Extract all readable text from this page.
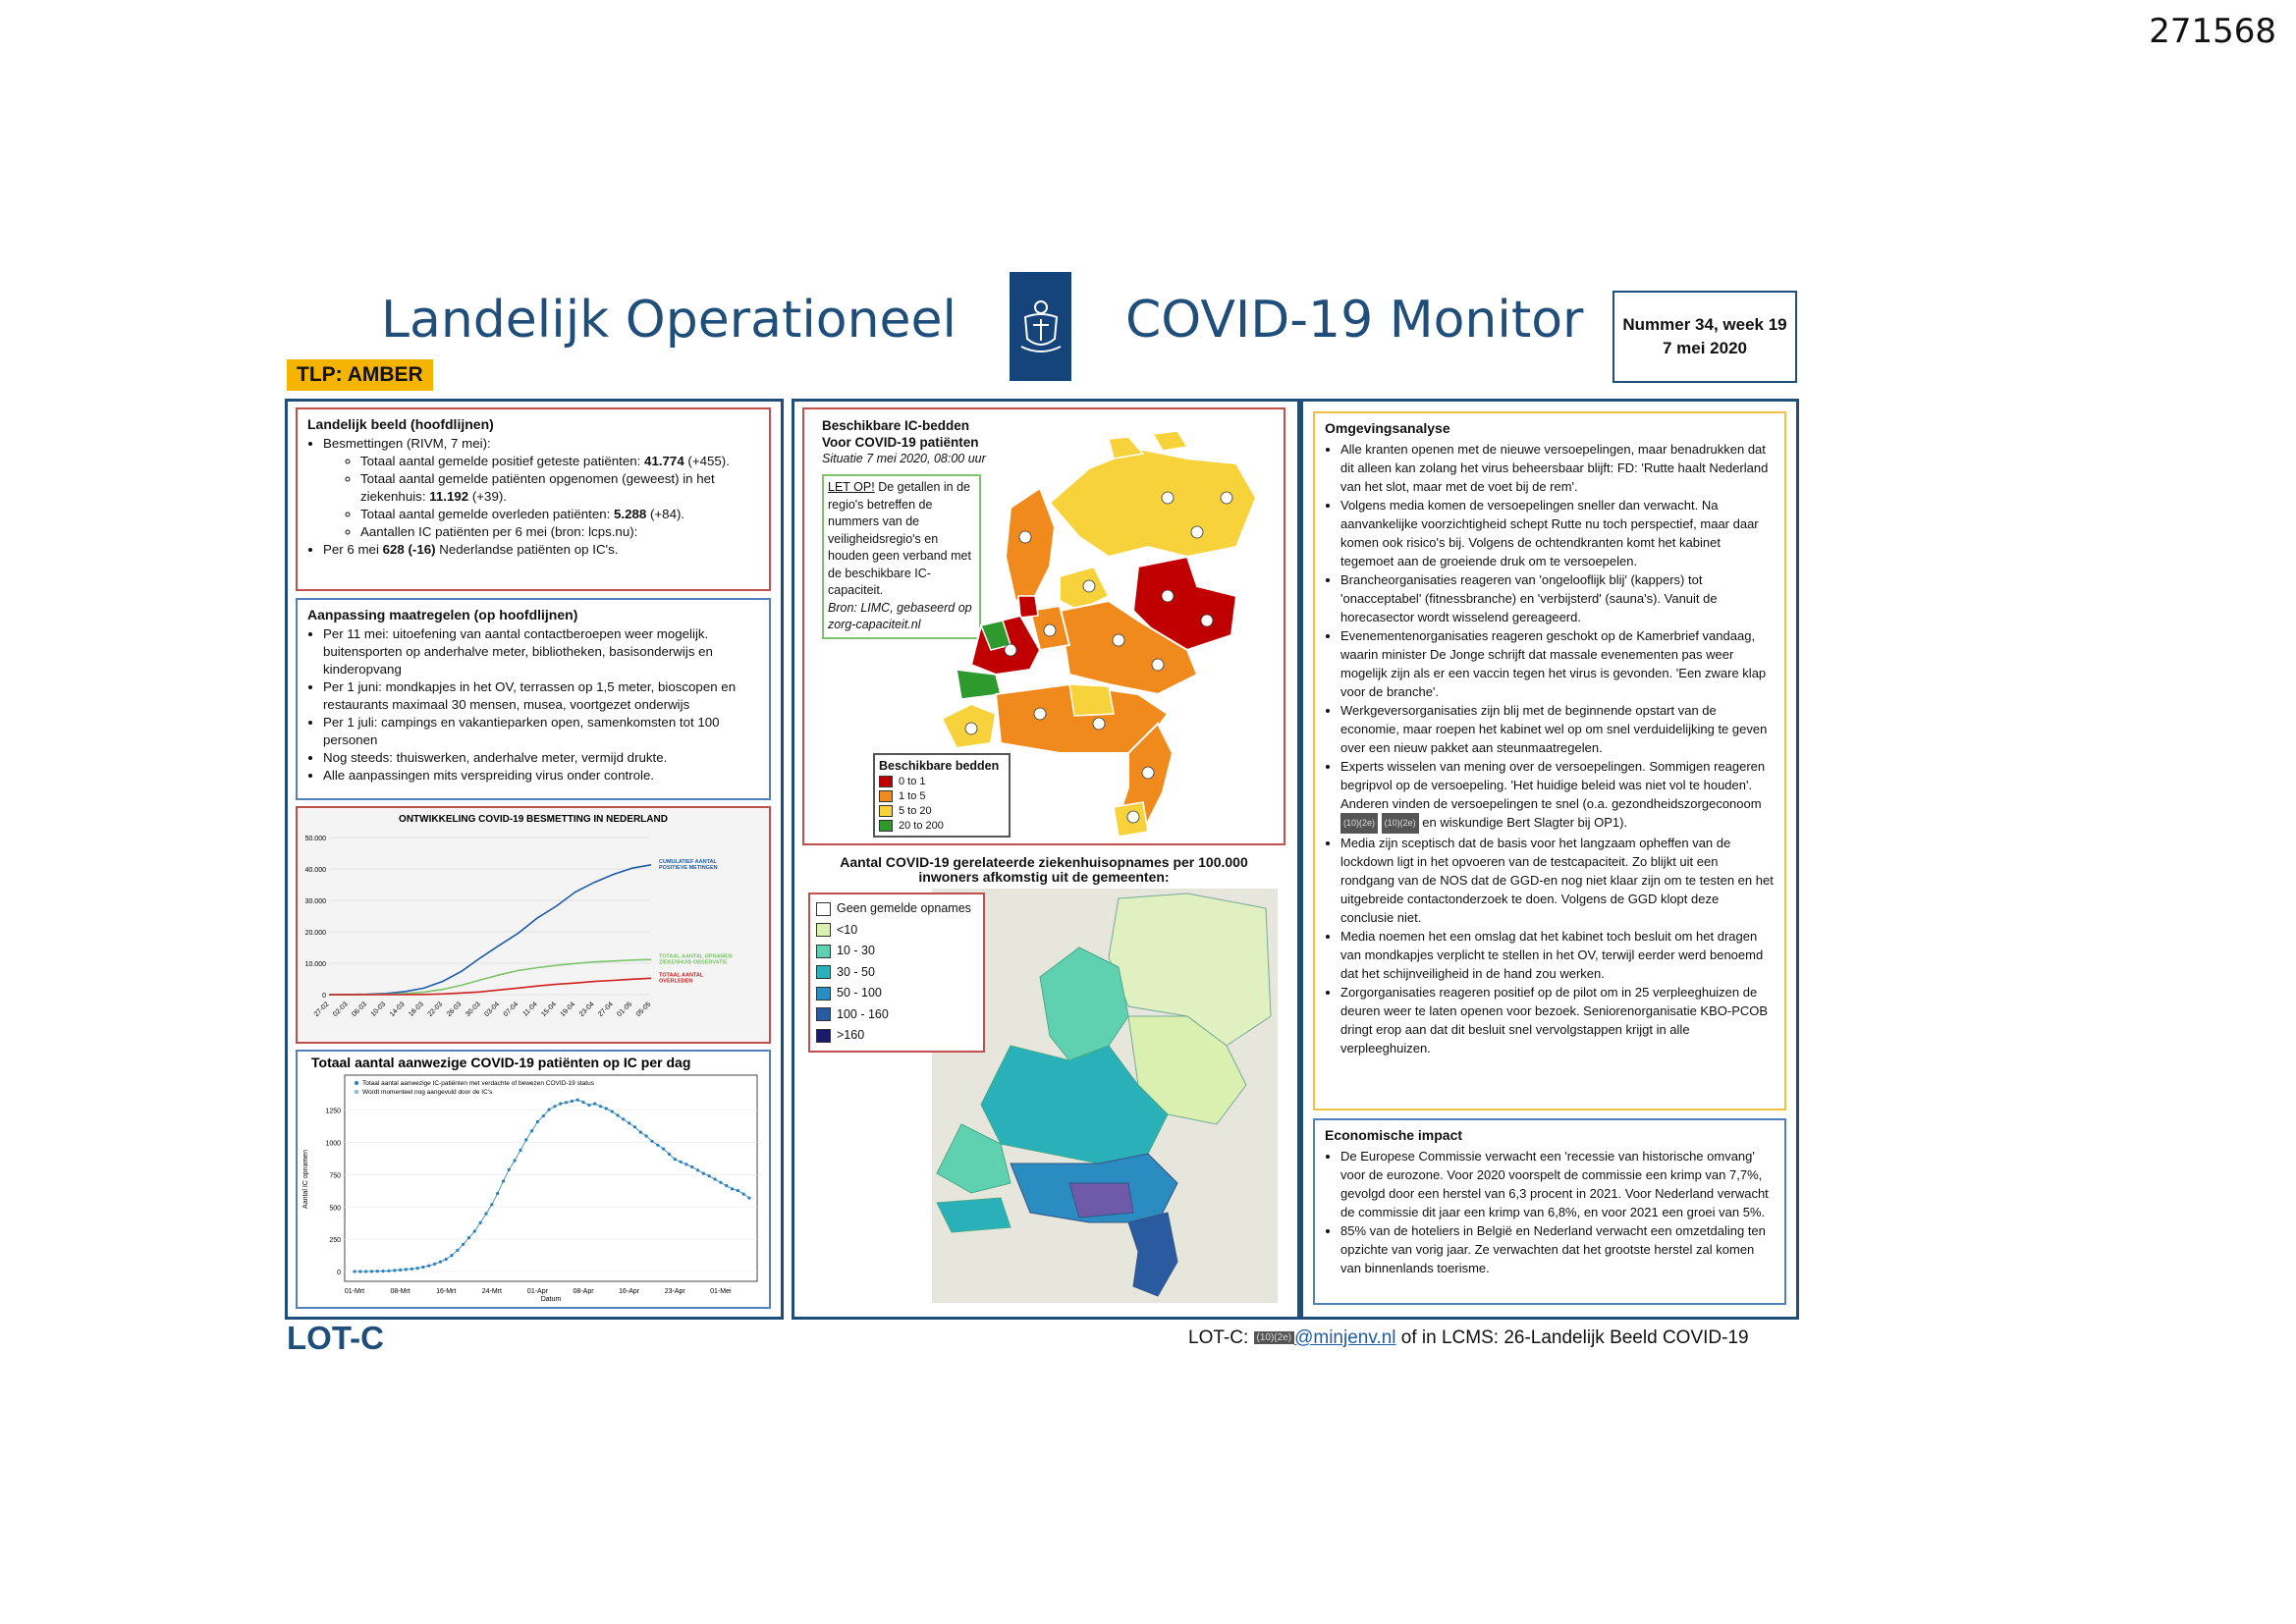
271568
Landelijk Operationeel	COVID-19 Monitor Nummer 34, week 19
7 mei 2020
TLP: AMBER
Landelijk beeld (hoofdlijnen)
• Besmettingen (RIVM, 7 mei):
◦ Totaal aantal gemelde positief geteste patiënten: 41.774 (+455).
◦ Totaal aantal gemelde patiënten opgenomen (geweest) in het ziekenhuis: 11.192 (+39).
◦ Totaal aantal gemelde overleden patiënten: 5.288 (+84).
◦ Aantallen IC patiënten per 6 mei (bron: lcps.nu):
• Per 6 mei 628 (-16) Nederlandse patiënten op IC's.
Aanpassing maatregelen (op hoofdlijnen)
• Per 11 mei: uitoefening van aantal contactberoepen weer mogelijk. buitensporten op anderhalve meter, bibliotheken, basisonderwijs en kinderopvang
• Per 1 juni: mondkapjes in het OV, terrassen op 1,5 meter, bioscopen en restaurants maximaal 30 mensen, musea, voortgezet onderwijs
• Per 1 juli: campings en vakantieparken open, samenkomsten tot 100 personen
• Nog steeds: thuiswerken, anderhalve meter, vermijd drukte.
• Alle aanpassingen mits verspreiding virus onder controle.
ONTWIKKELING COVID-19 BESMETTING IN NEDERLAND
0
10.000
20.000
30.000
40.000
50.000
27-02 02-03 06-03 10-03 14-03 18-03 22-03 26-03 30-03 03-04 07-04 11-04 15-04 19-04 23-04 27-04 01-05 05-05
CUMULATIEF AANTAL POSITIEVE METINGEN
TOTAAL AANTAL OPNAMEN ZIEKENHUIS OBSERVATIE
TOTAAL AANTAL OVERLEDEN
Totaal aantal aanwezige COVID-19 patiënten op IC per dag
0
250
500
750
1000
1250
01-Mrt	08-Mrt	16-Mrt	24-Mrt	01-Apr	08-Apr	16-Apr	23-Apr	01-Mei
Aantal IC opnamen
Datum
Totaal aantal aanwezige IC-patiënten met verdachte of bewezen COVID-19 status
Wordt momenteel nog aangevuld door de IC's
Beschikbare IC-bedden
Voor COVID-19 patiënten
Situatie 7 mei 2020, 08:00 uur
LET OP! De getallen in de regio's betreffen de nummers van de veiligheidsregio's en houden geen verband met de beschikbare IC- capaciteit.
Bron: LIMC, gebaseerd op zorg-capaciteit.nl
Beschikbare bedden
0 to 1
1 to 5
5 to 20
20 to 200
Aantal COVID-19 gerelateerde ziekenhuisopnames per 100.000
inwoners afkomstig uit de gemeenten:
Geen gemelde opnames
<10
10 - 30
30 - 50
50 - 100
100 - 160
>160
Omgevingsanalyse
• Alle kranten openen met de nieuwe versoepelingen, maar benadrukken dat dit alleen kan zolang het virus beheersbaar blijft: FD: 'Rutte haalt Nederland van het slot, maar met de voet bij de rem'.
• Volgens media komen de versoepelingen sneller dan verwacht. Na aanvankelijke voorzichtigheid schept Rutte nu toch perspectief, maar daar komen ook risico's bij. Volgens de ochtendkranten komt het kabinet tegemoet aan de groeiende druk om te versoepelen.
• Brancheorganisaties reageren van 'ongelooflijk blij' (kappers) tot 'onacceptabel' (fitnessbranche) en 'verbijsterd' (sauna's). Vanuit de horecasector wordt wisselend gereageerd.
• Evenementenorganisaties reageren geschokt op de Kamerbrief vandaag, waarin minister De Jonge schrijft dat massale evenementen pas weer mogelijk zijn als er een vaccin tegen het virus is gevonden. 'Een zware klap voor de branche'.
• Werkgeversorganisaties zijn blij met de beginnende opstart van de economie, maar roepen het kabinet wel op om snel verduidelijking te geven over een nieuw pakket aan steunmaatregelen.
• Experts wisselen van mening over de versoepelingen. Sommigen reageren begripvol op de versoepeling. 'Het huidige beleid was niet vol te houden'. Anderen vinden de versoepelingen te snel (o.a. gezondheidszorgeconoom (10)(2e) (10)(2e) en wiskundige Bert Slagter bij OP1).
• Media zijn sceptisch dat de basis voor het langzaam opheffen van de lockdown ligt in het opvoeren van de testcapaciteit. Zo blijkt uit een rondgang van de NOS dat de GGD-en nog niet klaar zijn om te testen en het uitgebreide contactonderzoek te doen. Volgens de GGD klopt deze conclusie niet.
• Media noemen het een omslag dat het kabinet toch besluit om het dragen van mondkapjes verplicht te stellen in het OV, terwijl eerder werd benoemd dat het schijnveiligheid in de hand zou werken.
• Zorgorganisaties reageren positief op de pilot om in 25 verpleeghuizen de deuren weer te laten openen voor bezoek. Seniorenorganisatie KBO-PCOB dringt erop aan dat dit besluit snel vervolgstappen krijgt in alle verpleeghuizen.
Economische impact
• De Europese Commissie verwacht een 'recessie van historische omvang' voor de eurozone. Voor 2020 voorspelt de commissie een krimp van 7,7%, gevolgd door een herstel van 6,3 procent in 2021. Voor Nederland verwacht de commissie dit jaar een krimp van 6,8%, en voor 2021 een groei van 5%.
• 85% van de hoteliers in België en Nederland verwacht een omzetdaling ten opzichte van vorig jaar. Ze verwachten dat het grootste herstel zal komen van binnenlands toerisme.
LOT-C	LOT-C: (10)(2e) @minjenv.nl of in LCMS: 26-Landelijk Beeld COVID-19
